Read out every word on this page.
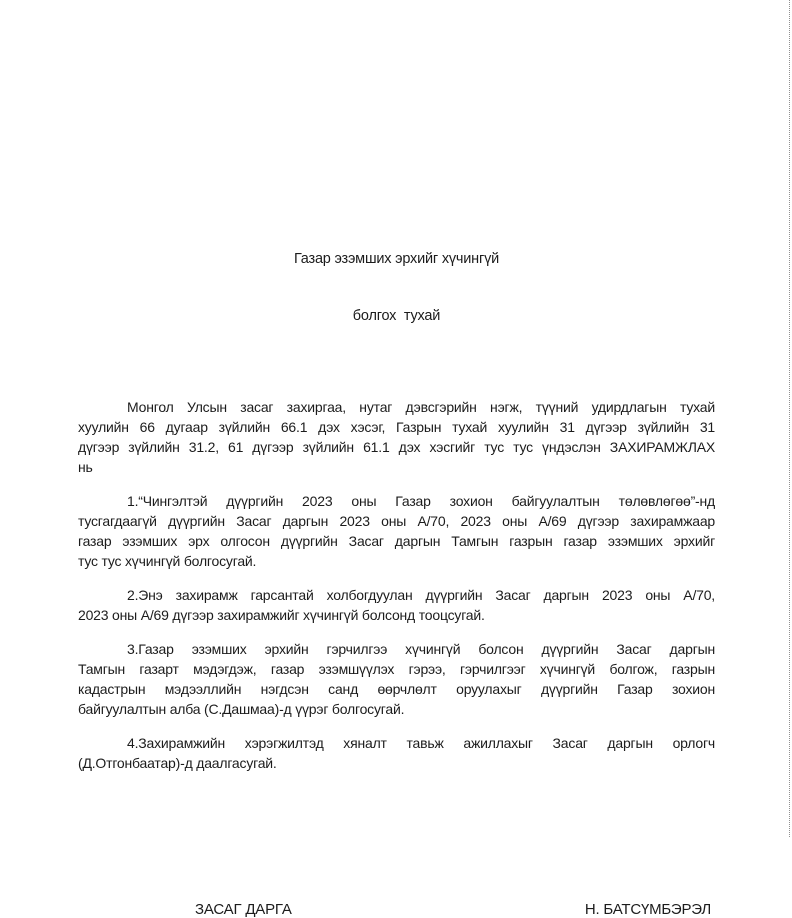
Газар эзэмших эрхийг хүчингүй

болгох  тухай

Монгол Улсын засаг захиргаа, нутаг дэвсгэрийн нэгж, түүний удирдлагын тухай
хуулийн 66 дугаар зүйлийн 66.1 дэх хэсэг, Газрын тухай хуулийн 31 дүгээр зүйлийн 31
дүгээр зүйлийн 31.2, 61 дүгээр зүйлийн 61.1 дэх хэсгийг тус тус үндэслэн ЗАХИРАМЖЛАХ
нь
1.“Чингэлтэй дүүргийн 2023 оны Газар зохион байгуулалтын төлөвлөгөө”-нд
тусгагдаагүй дүүргийн Засаг даргын 2023 оны А/70, 2023 оны А/69 дүгээр захирамжаар
газар эзэмших эрх олгосон дүүргийн Засаг даргын Тамгын газрын газар эзэмших эрхийг
тус тус хүчингүй болгосугай.
2.Энэ захирамж гарсантай холбогдуулан дүүргийн Засаг даргын 2023 оны А/70,
2023 оны А/69 дүгээр захирамжийг хүчингүй болсонд тооцсугай.
3.Газар эзэмших эрхийн гэрчилгээ хүчингүй болсон дүүргийн Засаг даргын
Тамгын газарт мэдэгдэж, газар эзэмшүүлэх гэрээ, гэрчилгээг хүчингүй болгож, газрын
кадастрын мэдээллийн нэгдсэн санд өөрчлөлт оруулахыг дүүргийн Газар зохион
байгуулалтын алба (С.Дашмаа)-д үүрэг болгосугай.
4.Захирамжийн хэрэгжилтэд хяналт тавьж ажиллахыг Засаг даргын орлогч
(Д.Отгонбаатар)-д даалгасугай.
ЗАСАГ ДАРГА	Н. БАТСҮМБЭРЭЛ
